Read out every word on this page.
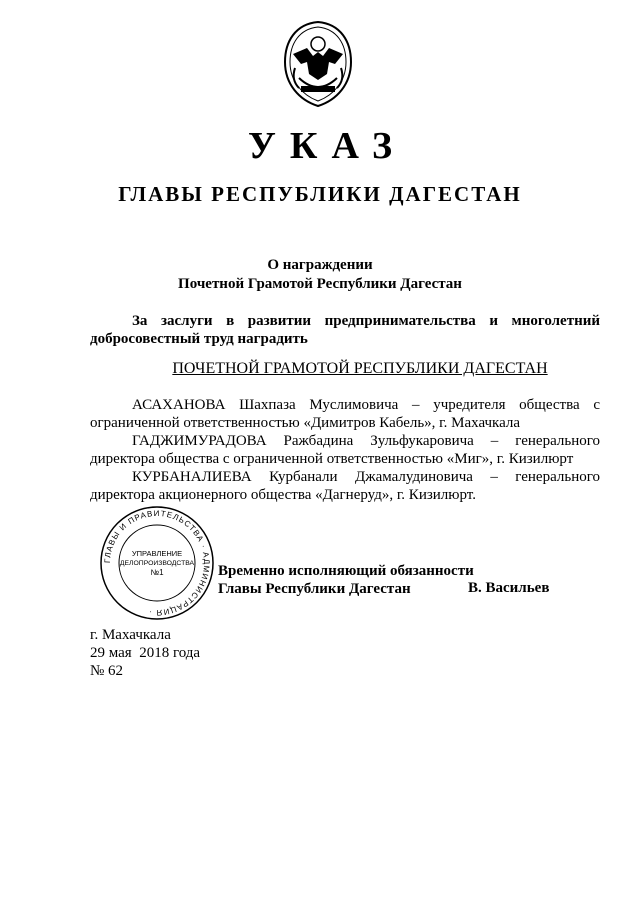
УКАЗ
ГЛАВЫ РЕСПУБЛИКИ ДАГЕСТАН
О награждении
Почетной Грамотой Республики Дагестан
За заслуги в развитии предпринимательства и многолетний добросовестный труд наградить
ПОЧЕТНОЙ ГРАМОТОЙ РЕСПУБЛИКИ ДАГЕСТАН

АСАХАНОВА Шахпаза Муслимовича – учредителя общества с ограниченной ответственностью «Димитров Кабель», г. Махачкала

ГАДЖИМУРАДОВА Ражбадина Зульфукаровича – генерального директора общества с ограниченной ответственностью «Миг», г. Кизилюрт

КУРБАНАЛИЕВА Курбанали Джамалудиновича – генерального директора акционерного общества «Дагнеруд», г. Кизилюрт.

ГЛАВЫ И ПРАВИТЕЛЬСТВА · АДМИНИСТРАЦИЯ ·
УПРАВЛЕНИЕ
ДЕЛОПРОИЗВОДСТВА
№1	Временно исполняющий обязанности
Главы Республики Дагестан	В. Васильев
г. Махачкала
29 мая  2018 года
№ 62
